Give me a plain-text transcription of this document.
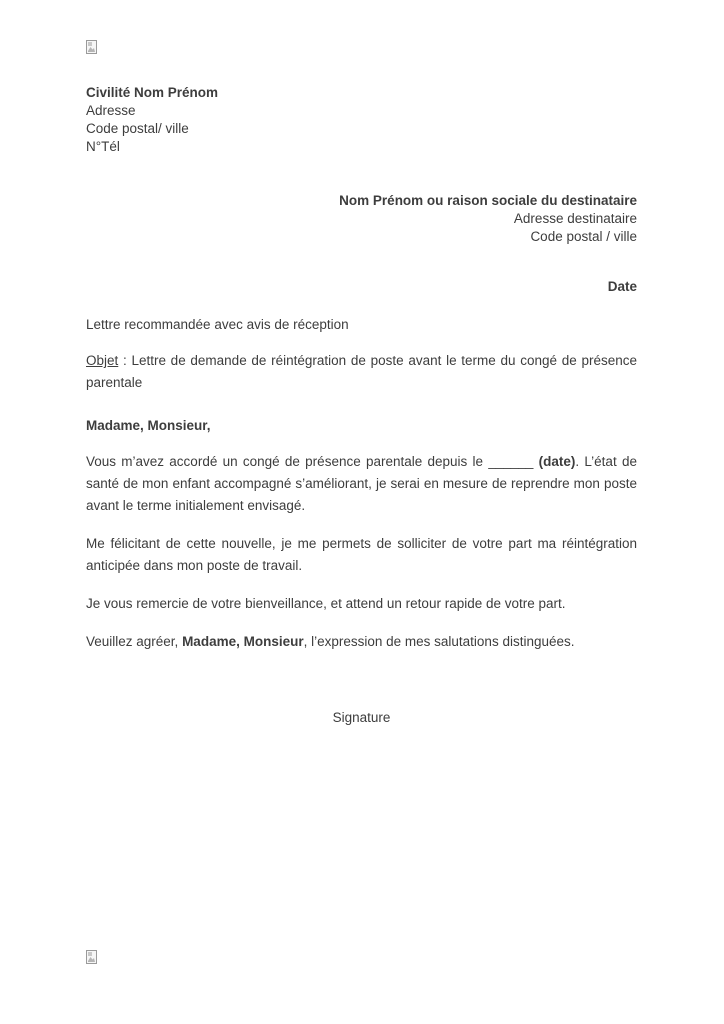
Civilité Nom Prénom
Adresse
Code postal/ ville
N°Tél
Nom Prénom ou raison sociale du destinataire
Adresse destinataire
Code postal / ville
Date
Lettre recommandée avec avis de réception
Objet : Lettre de demande de réintégration de poste avant le terme du congé de présence parentale
Madame, Monsieur,

Vous m’avez accordé un congé de présence parentale depuis le ______ (date). L’état de santé de mon enfant accompagné s’améliorant, je serai en mesure de reprendre mon poste avant le terme initialement envisagé.

Me félicitant de cette nouvelle, je me permets de solliciter de votre part ma réintégration anticipée dans mon poste de travail.

Je vous remercie de votre bienveillance, et attend un retour rapide de votre part.

Veuillez agréer, Madame, Monsieur, l’expression de mes salutations distinguées.

Signature
